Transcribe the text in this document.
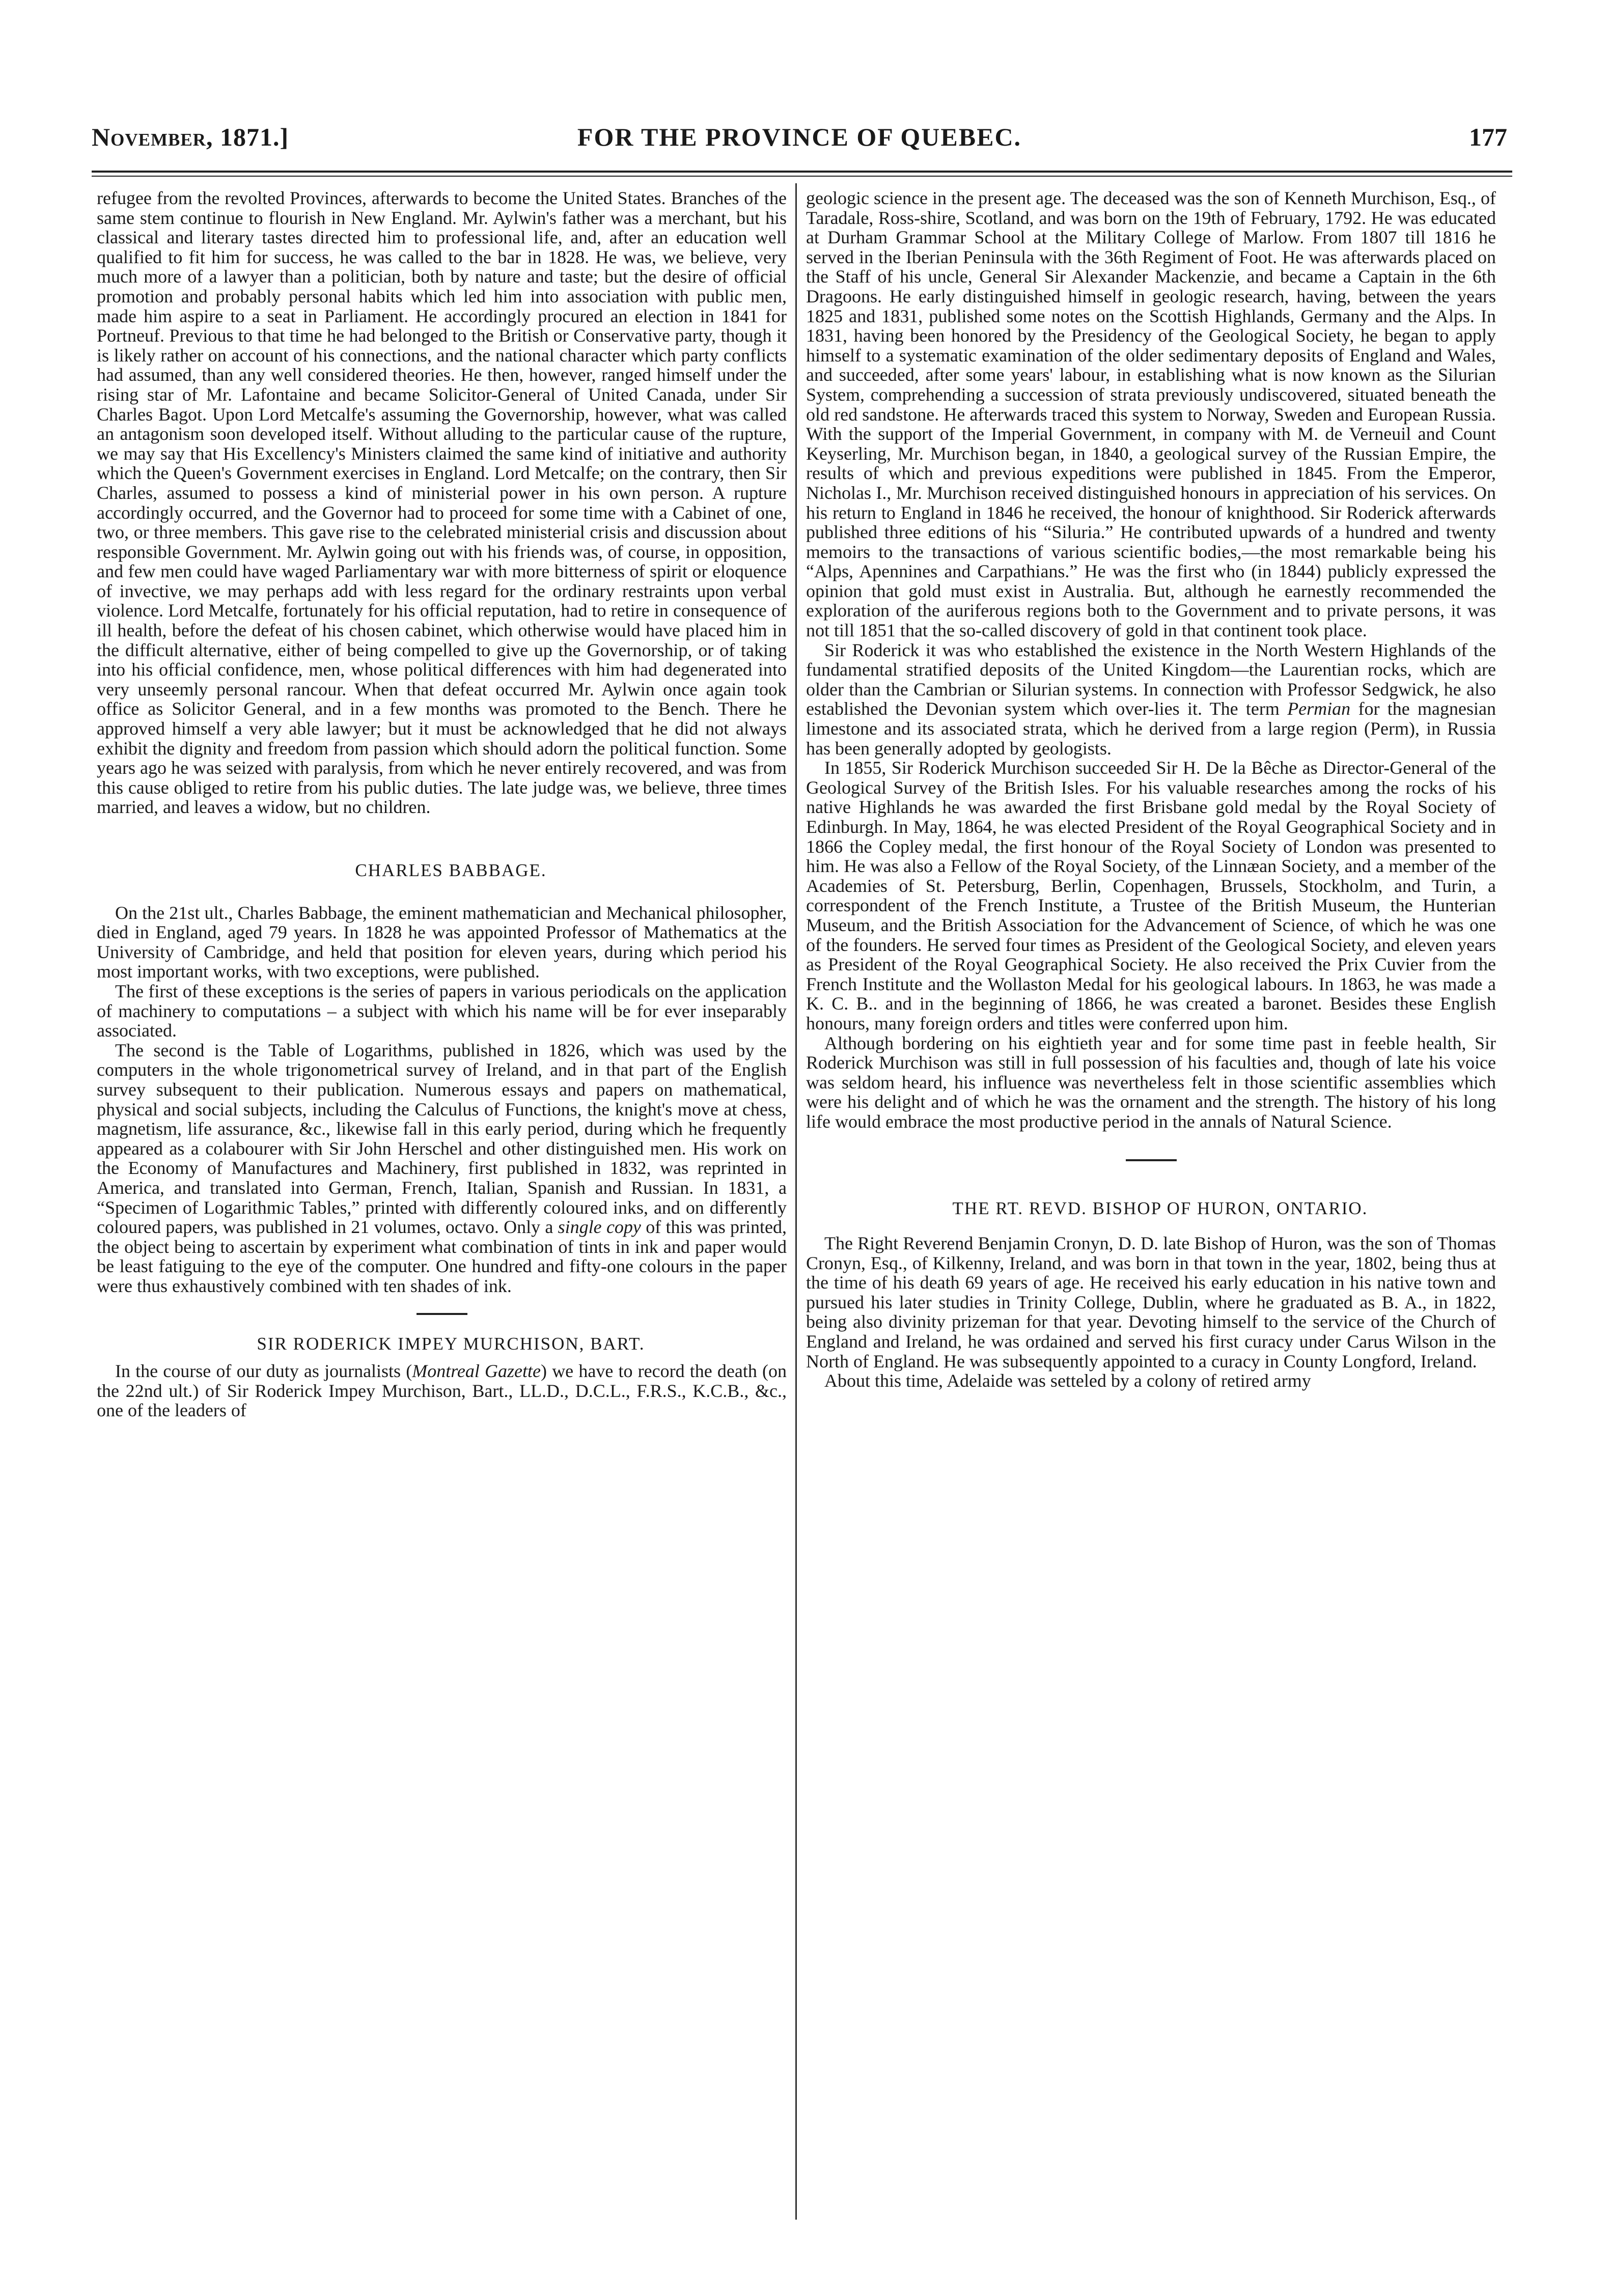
November, 1871.]	FOR THE PROVINCE OF QUEBEC.	177

refugee from the revolted Provinces, afterwards to become the United States. Branches of the same stem continue to flourish in New England. Mr. Aylwin's father was a merchant, but his classical and literary tastes directed him to professional life, and, after an education well qualified to fit him for success, he was called to the bar in 1828. He was, we believe, very much more of a lawyer than a politician, both by nature and taste; but the desire of official promotion and probably personal habits which led him into association with public men, made him aspire to a seat in Parliament. He accordingly procured an election in 1841 for Portneuf. Previous to that time he had belonged to the British or Conservative party, though it is likely rather on account of his connections, and the national character which party conflicts had assumed, than any well considered theories. He then, however, ranged himself under the rising star of Mr. Lafontaine and became Solicitor-General of United Canada, under Sir Charles Bagot. Upon Lord Metcalfe's assuming the Governorship, however, what was called an antagonism soon developed itself. Without alluding to the particular cause of the rupture, we may say that His Excellency's Ministers claimed the same kind of initiative and authority which the Queen's Government exercises in England. Lord Metcalfe; on the contrary, then Sir Charles, assumed to possess a kind of ministerial power in his own person. A rupture accordingly occurred, and the Governor had to proceed for some time with a Cabinet of one, two, or three members. This gave rise to the celebrated ministerial crisis and discussion about responsible Government. Mr. Aylwin going out with his friends was, of course, in opposition, and few men could have waged Parliamentary war with more bitterness of spirit or eloquence of invective, we may perhaps add with less regard for the ordinary restraints upon verbal violence. Lord Metcalfe, fortunately for his official reputation, had to retire in consequence of ill health, before the defeat of his chosen cabinet, which otherwise would have placed him in the difficult alternative, either of being compelled to give up the Governorship, or of taking into his official confidence, men, whose political differences with him had degenerated into very unseemly personal rancour. When that defeat occurred Mr. Aylwin once again took office as Solicitor General, and in a few months was promoted to the Bench. There he approved himself a very able lawyer; but it must be acknowledged that he did not always exhibit the dignity and freedom from passion which should adorn the political function. Some years ago he was seized with paralysis, from which he never entirely recovered, and was from this cause obliged to retire from his public duties. The late judge was, we believe, three times married, and leaves a widow, but no children.

CHARLES BABBAGE.

On the 21st ult., Charles Babbage, the eminent mathematician and Mechanical philosopher, died in England, aged 79 years. In 1828 he was appointed Professor of Mathematics at the University of Cambridge, and held that position for eleven years, during which period his most important works, with two exceptions, were published.

The first of these exceptions is the series of papers in various periodicals on the application of machinery to computations – a subject with which his name will be for ever inseparably associated.

The second is the Table of Logarithms, published in 1826, which was used by the computers in the whole trigonometrical survey of Ireland, and in that part of the English survey subsequent to their publication. Numerous essays and papers on mathematical, physical and social subjects, including the Calculus of Functions, the knight's move at chess, magnetism, life assurance, &c., likewise fall in this early period, during which he frequently appeared as a colabourer with Sir John Herschel and other distinguished men. His work on the Economy of Manufactures and Machinery, first published in 1832, was reprinted in America, and translated into German, French, Italian, Spanish and Russian. In 1831, a “Specimen of Logarithmic Tables,” printed with differently coloured inks, and on differently coloured papers, was published in 21 volumes, octavo. Only a single copy of this was printed, the object being to ascertain by experiment what combination of tints in ink and paper would be least fatiguing to the eye of the computer. One hundred and fifty-one colours in the paper were thus exhaustively combined with ten shades of ink.

SIR RODERICK IMPEY MURCHISON, BART.

In the course of our duty as journalists (Montreal Gazette) we have to record the death (on the 22nd ult.) of Sir Roderick Impey Murchison, Bart., LL.D., D.C.L., F.R.S., K.C.B., &c., one of the leaders of

geologic science in the present age. The deceased was the son of Kenneth Murchison, Esq., of Taradale, Ross-shire, Scotland, and was born on the 19th of February, 1792. He was educated at Durham Grammar School at the Military College of Marlow. From 1807 till 1816 he served in the Iberian Peninsula with the 36th Regiment of Foot. He was afterwards placed on the Staff of his uncle, General Sir Alexander Mackenzie, and became a Captain in the 6th Dragoons. He early distinguished himself in geologic research, having, between the years 1825 and 1831, published some notes on the Scottish Highlands, Germany and the Alps. In 1831, having been honored by the Presidency of the Geological Society, he began to apply himself to a systematic examination of the older sedimentary deposits of England and Wales, and succeeded, after some years' labour, in establishing what is now known as the Silurian System, comprehending a succession of strata previously undiscovered, situated beneath the old red sandstone. He afterwards traced this system to Norway, Sweden and European Russia. With the support of the Imperial Government, in company with M. de Verneuil and Count Keyserling, Mr. Murchison began, in 1840, a geological survey of the Russian Empire, the results of which and previous expeditions were published in 1845. From the Emperor, Nicholas I., Mr. Murchison received distinguished honours in appreciation of his services. On his return to England in 1846 he received, the honour of knighthood. Sir Roderick afterwards published three editions of his “Siluria.” He contributed upwards of a hundred and twenty memoirs to the transactions of various scientific bodies,—the most remarkable being his “Alps, Apennines and Carpathians.” He was the first who (in 1844) publicly expressed the opinion that gold must exist in Australia. But, although he earnestly recommended the exploration of the auriferous regions both to the Government and to private persons, it was not till 1851 that the so-called discovery of gold in that continent took place.

Sir Roderick it was who established the existence in the North Western Highlands of the fundamental stratified deposits of the United Kingdom—the Laurentian rocks, which are older than the Cambrian or Silurian systems. In connection with Professor Sedgwick, he also established the Devonian system which over-lies it. The term Permian for the magnesian limestone and its associated strata, which he derived from a large region (Perm), in Russia has been generally adopted by geologists.

In 1855, Sir Roderick Murchison succeeded Sir H. De la Bêche as Director-General of the Geological Survey of the British Isles. For his valuable researches among the rocks of his native Highlands he was awarded the first Brisbane gold medal by the Royal Society of Edinburgh. In May, 1864, he was elected President of the Royal Geographical Society and in 1866 the Copley medal, the first honour of the Royal Society of London was presented to him. He was also a Fellow of the Royal Society, of the Linnæan Society, and a member of the Academies of St. Petersburg, Berlin, Copenhagen, Brussels, Stockholm, and Turin, a correspondent of the French Institute, a Trustee of the British Museum, the Hunterian Museum, and the British Association for the Advancement of Science, of which he was one of the founders. He served four times as President of the Geological Society, and eleven years as President of the Royal Geographical Society. He also received the Prix Cuvier from the French Institute and the Wollaston Medal for his geological labours. In 1863, he was made a K. C. B.. and in the beginning of 1866, he was created a baronet. Besides these English honours, many foreign orders and titles were conferred upon him.

Although bordering on his eightieth year and for some time past in feeble health, Sir Roderick Murchison was still in full possession of his faculties and, though of late his voice was seldom heard, his influence was nevertheless felt in those scientific assemblies which were his delight and of which he was the ornament and the strength. The history of his long life would embrace the most productive period in the annals of Natural Science.

THE RT. REVD. BISHOP OF HURON, ONTARIO.

The Right Reverend Benjamin Cronyn, D. D. late Bishop of Huron, was the son of Thomas Cronyn, Esq., of Kilkenny, Ireland, and was born in that town in the year, 1802, being thus at the time of his death 69 years of age. He received his early education in his native town and pursued his later studies in Trinity College, Dublin, where he graduated as B. A., in 1822, being also divinity prizeman for that year. Devoting himself to the service of the Church of England and Ireland, he was ordained and served his first curacy under Carus Wilson in the North of England. He was subsequently appointed to a curacy in County Longford, Ireland.

About this time, Adelaide was setteled by a colony of retired army
